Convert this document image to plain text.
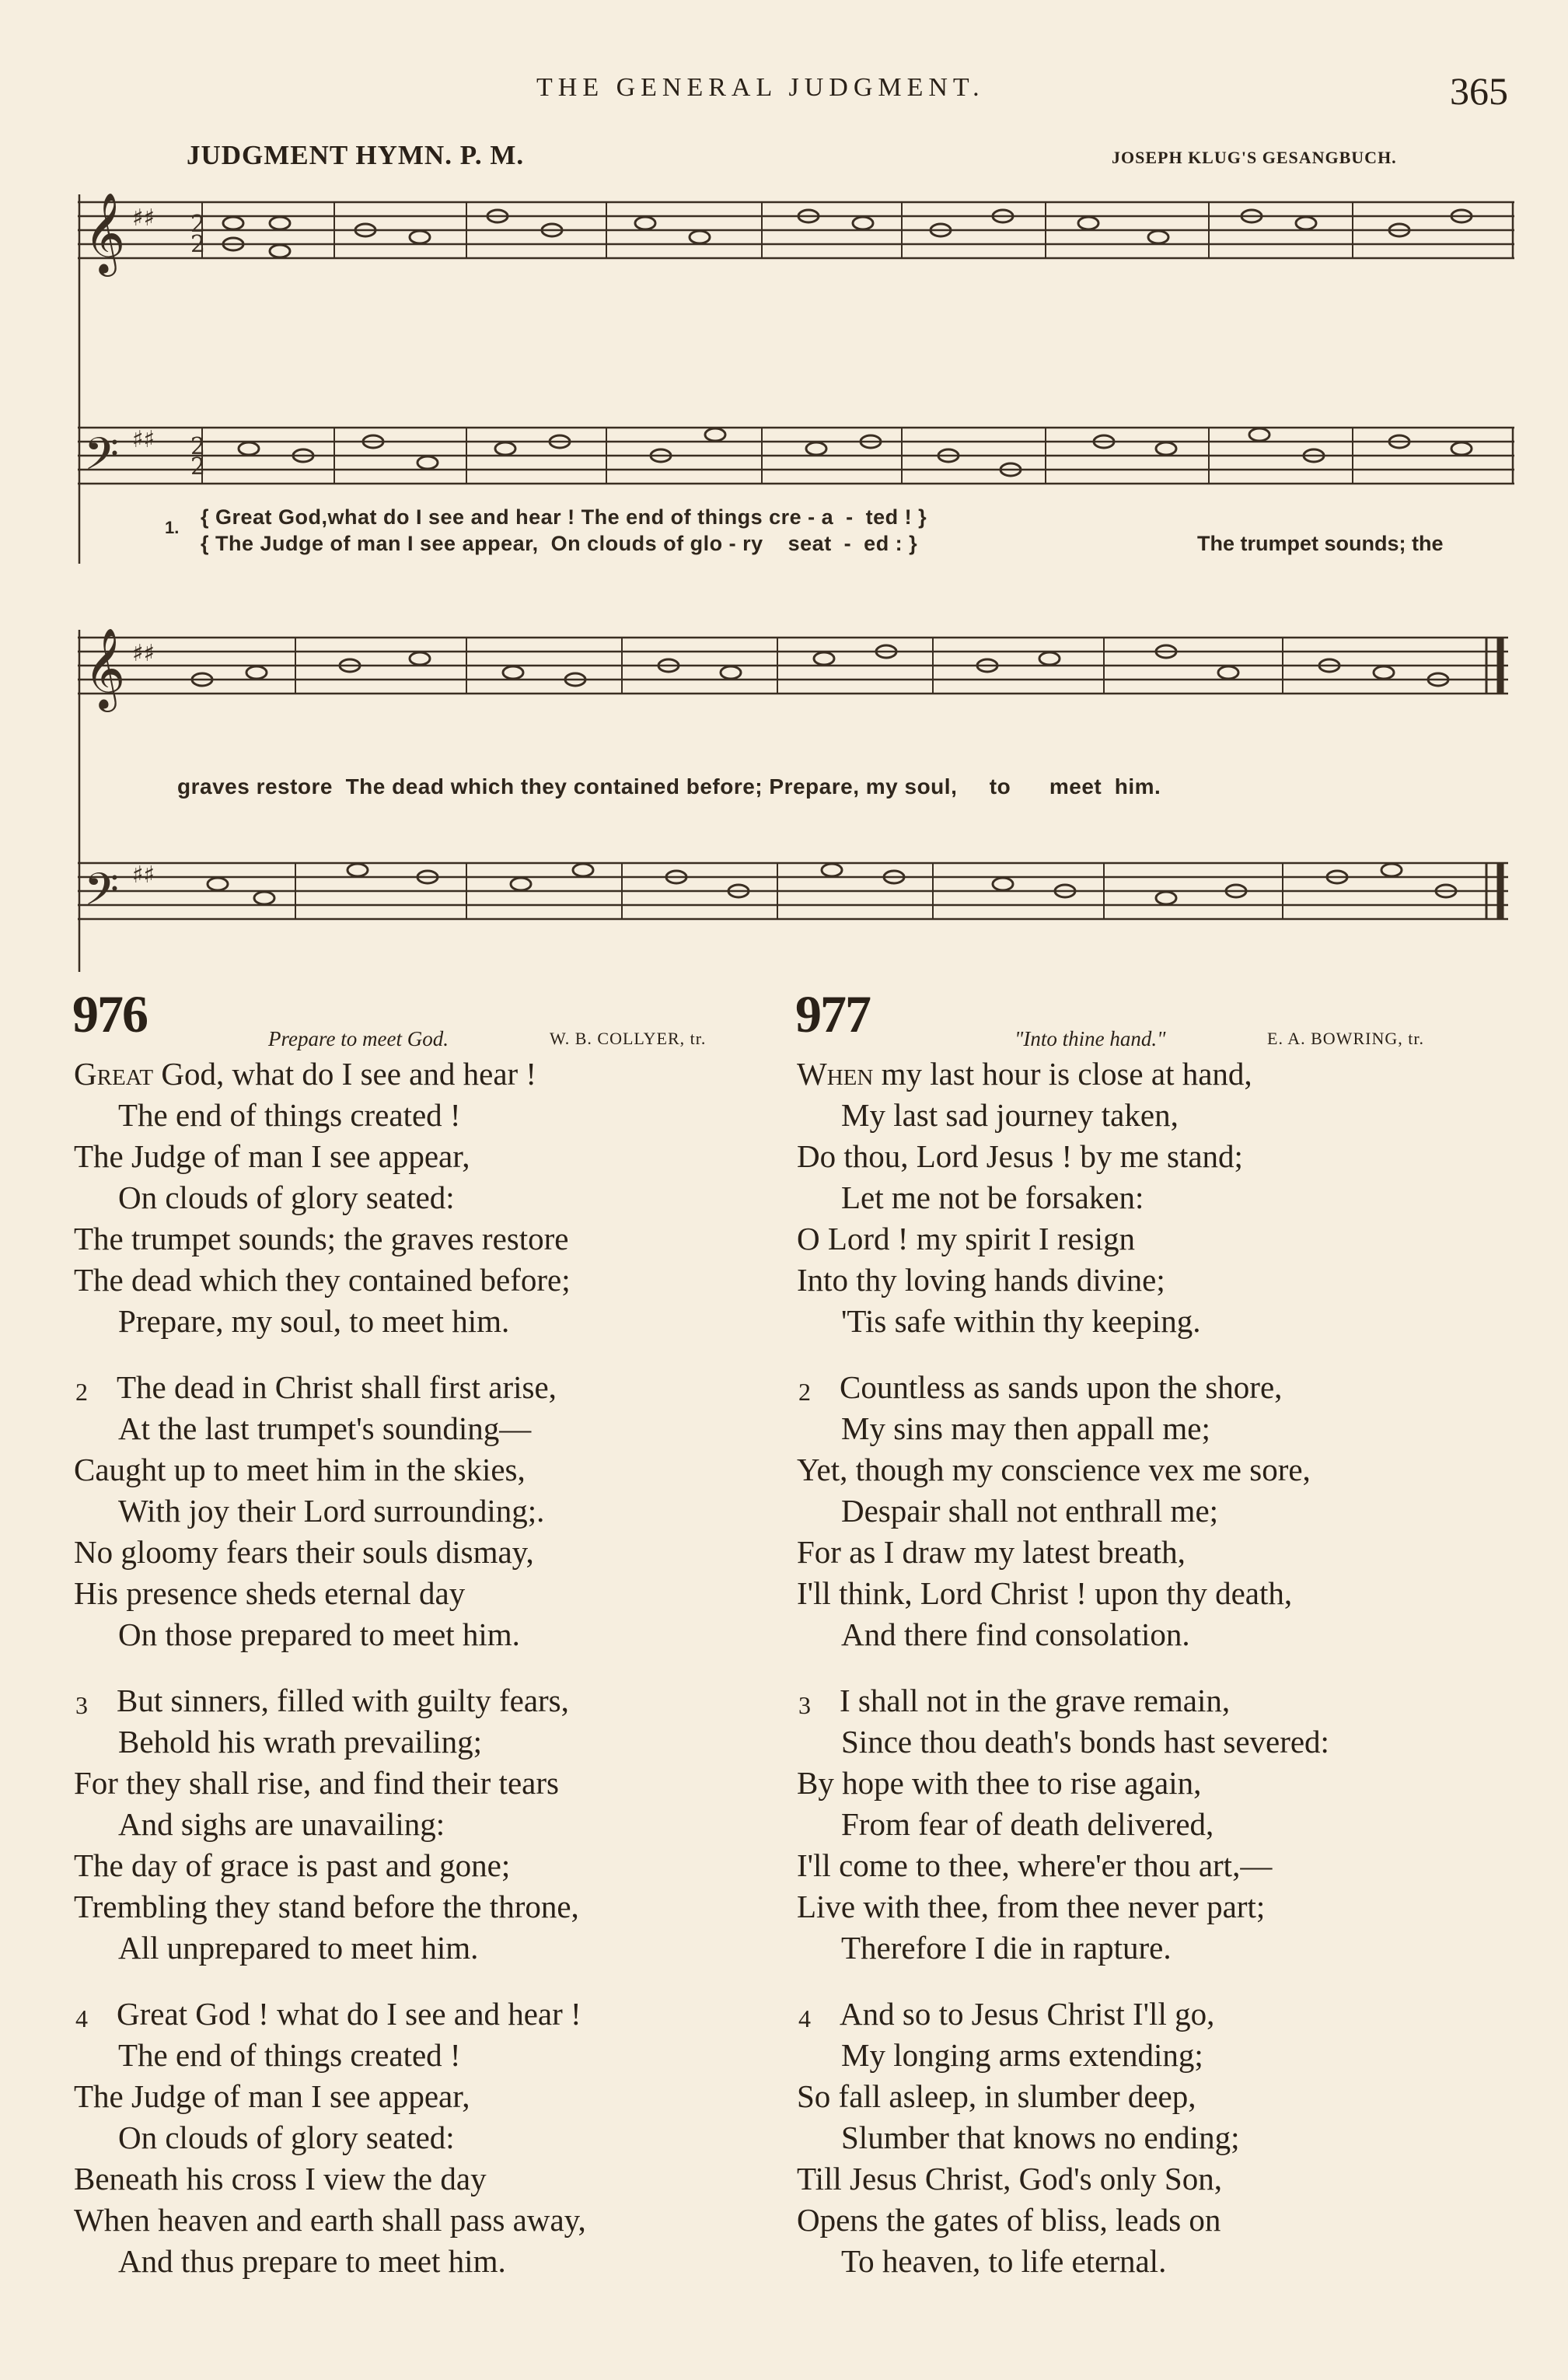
THE GENERAL JUDGMENT.	365
JUDGMENT HYMN. P. M.	JOSEPH KLUG'S GESANGBUCH.
𝄞
𝄢
♯♯
♯♯
2
2
2
2
1. { Great God,what do I see and hear ! The end of things cre - a  -  ted ! }
{ The Judge of man I see appear,  On clouds of glo - ry    seat  -  ed : }	The trumpet sounds; the
𝄞
𝄢
♯♯
♯♯
graves restore  The dead which they contained before; Prepare, my soul,     to      meet  him.
976	Prepare to meet God.	W. B. COLLYER, tr.
Great God, what do I see and hear !
The end of things created !
The Judge of man I see appear,
On clouds of glory seated:
The trumpet sounds; the graves restore
The dead which they contained before;
Prepare, my soul, to meet him.
2 The dead in Christ shall first arise,
At the last trumpet's sounding—
Caught up to meet him in the skies,
With joy their Lord surrounding;.
No gloomy fears their souls dismay,
His presence sheds eternal day
On those prepared to meet him.
3 But sinners, filled with guilty fears,
Behold his wrath prevailing;
For they shall rise, and find their tears
And sighs are unavailing:
The day of grace is past and gone;
Trembling they stand before the throne,
All unprepared to meet him.
4 Great God ! what do I see and hear !
The end of things created !
The Judge of man I see appear,
On clouds of glory seated:
Beneath his cross I view the day
When heaven and earth shall pass away,
And thus prepare to meet him.
977	"Into thine hand."	E. A. BOWRING, tr.
When my last hour is close at hand,
My last sad journey taken,
Do thou, Lord Jesus ! by me stand;
Let me not be forsaken:
O Lord ! my spirit I resign
Into thy loving hands divine;
'Tis safe within thy keeping.
2 Countless as sands upon the shore,
My sins may then appall me;
Yet, though my conscience vex me sore,
Despair shall not enthrall me;
For as I draw my latest breath,
I'll think, Lord Christ ! upon thy death,
And there find consolation.
3 I shall not in the grave remain,
Since thou death's bonds hast severed:
By hope with thee to rise again,
From fear of death delivered,
I'll come to thee, where'er thou art,—
Live with thee, from thee never part;
Therefore I die in rapture.
4 And so to Jesus Christ I'll go,
My longing arms extending;
So fall asleep, in slumber deep,
Slumber that knows no ending;
Till Jesus Christ, God's only Son,
Opens the gates of bliss, leads on
To heaven, to life eternal.
